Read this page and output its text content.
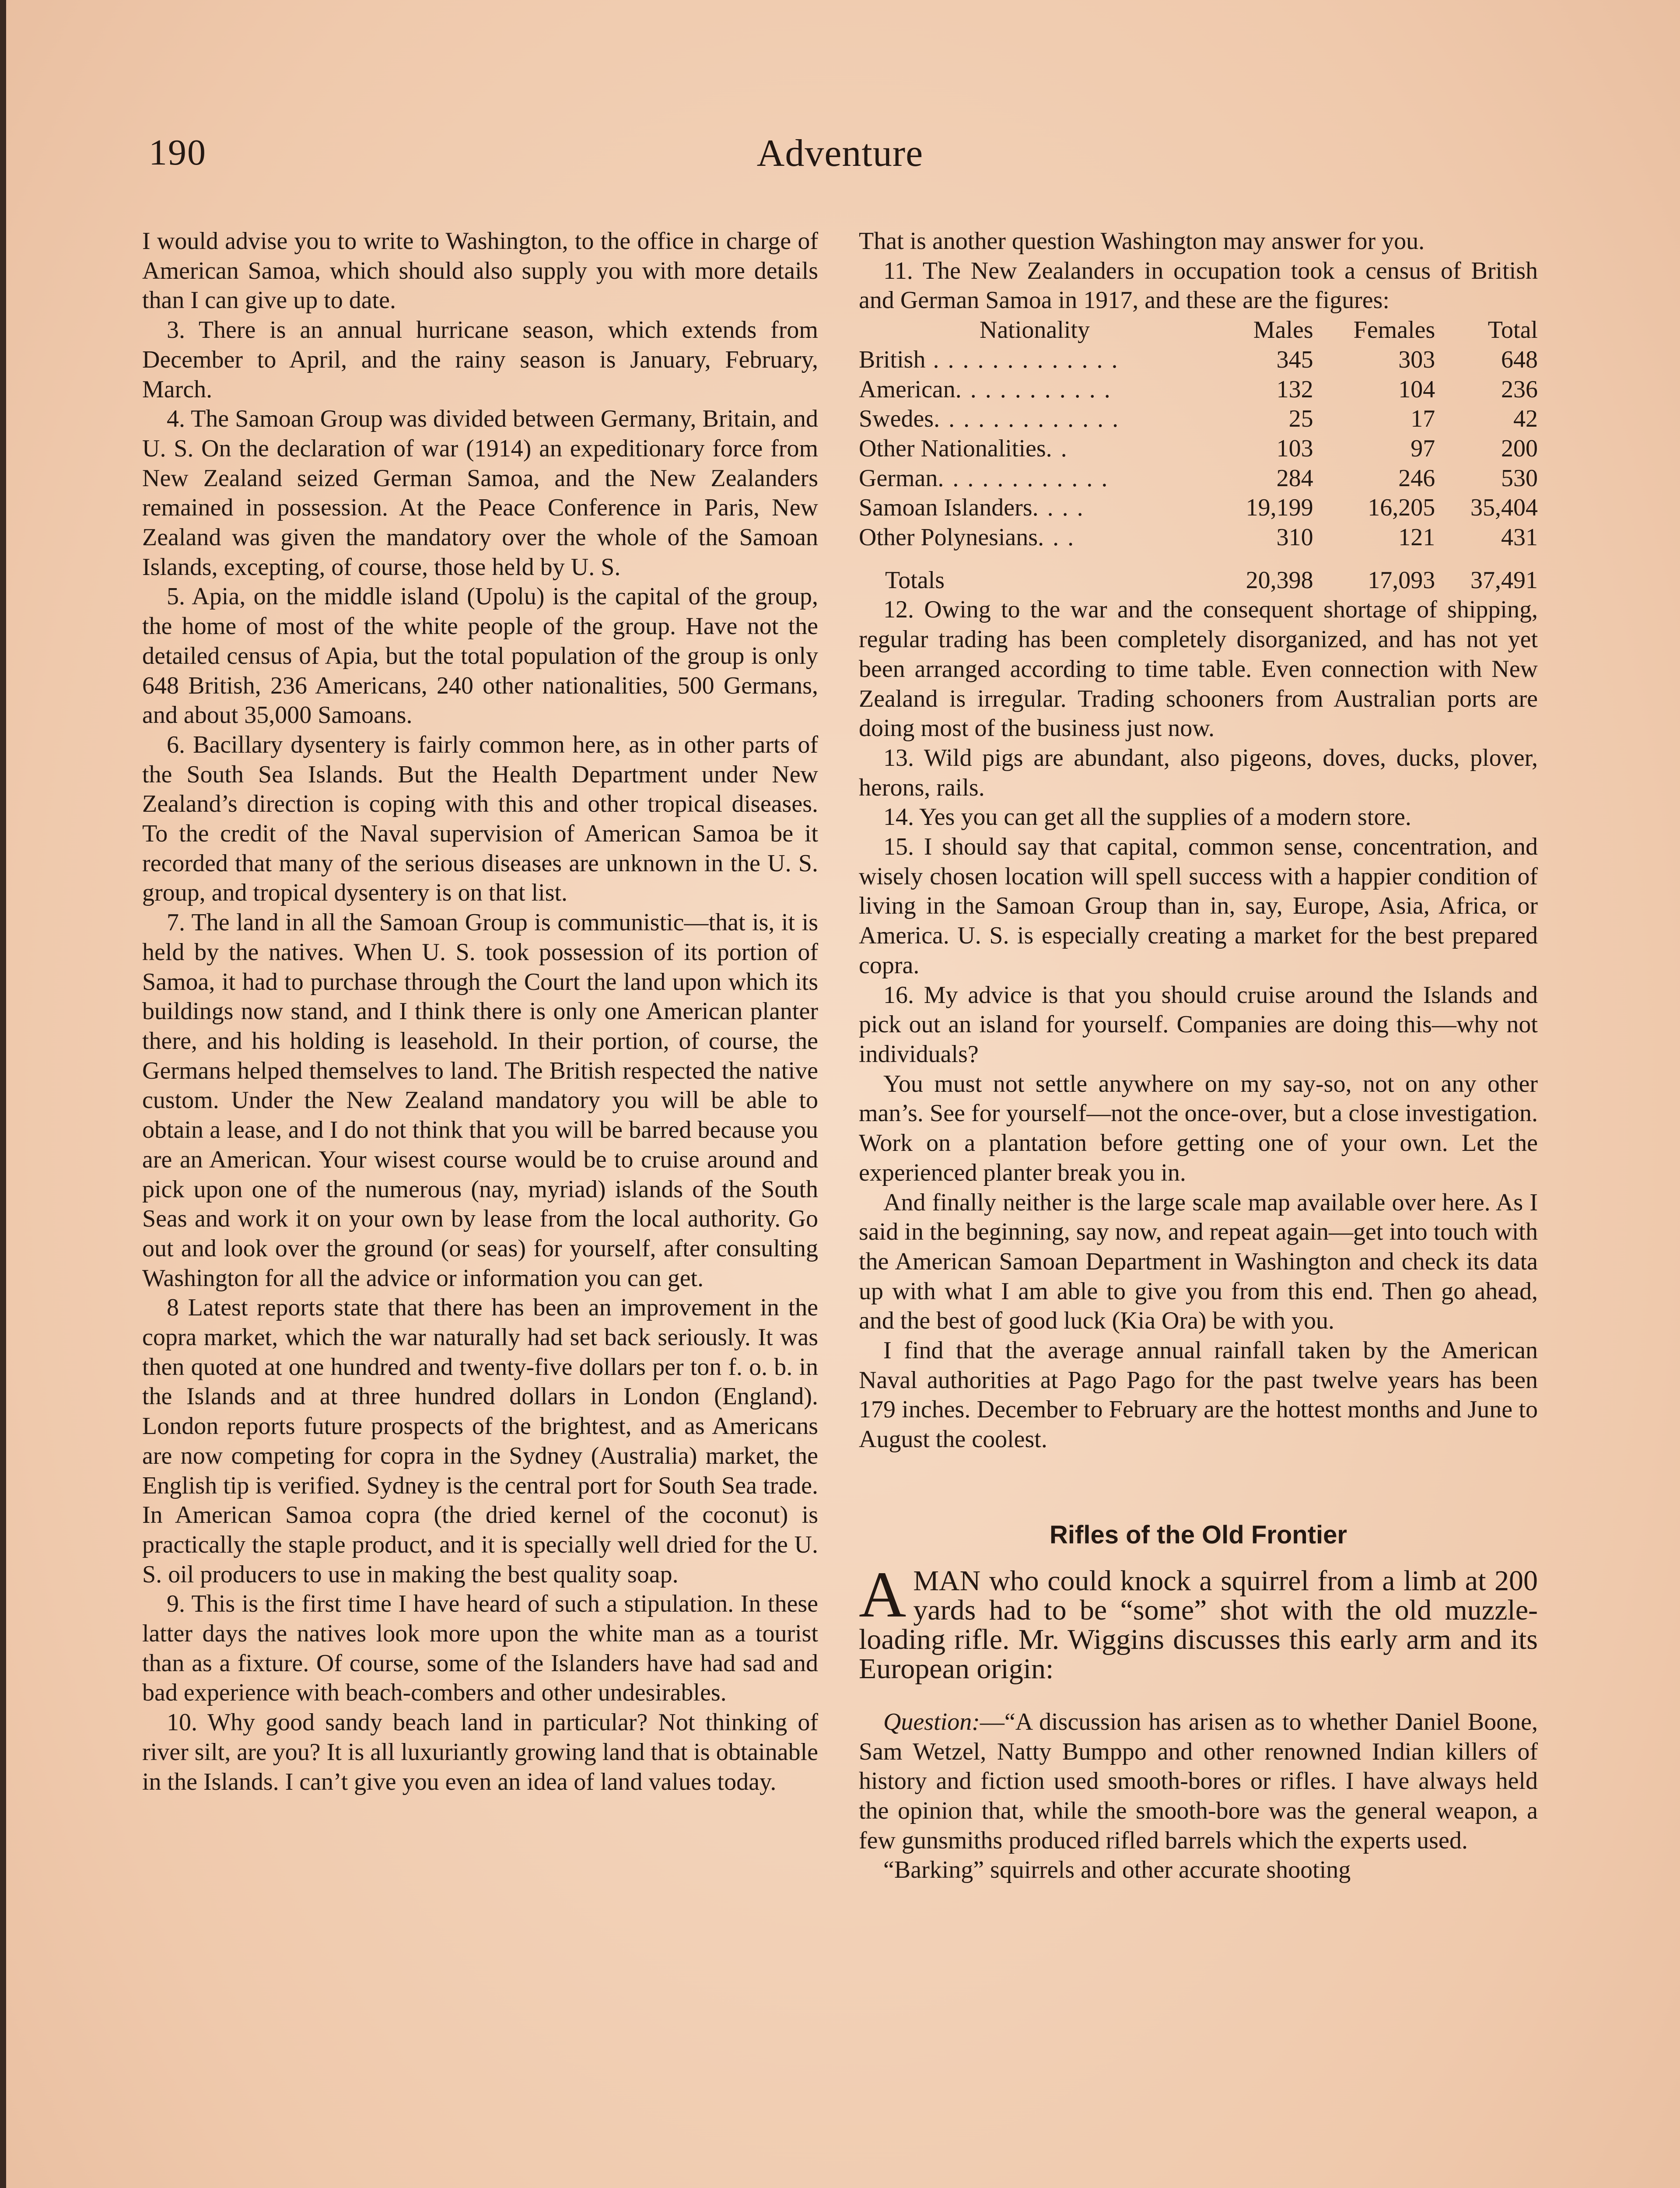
190	Adventure

I would advise you to write to Washington, to the office in charge of American Samoa, which should also supply you with more details than I can give up to date.

3. There is an annual hurricane season, which extends from December to April, and the rainy season is January, February, March.

4. The Samoan Group was divided between Germany, Britain, and U. S. On the declaration of war (1914) an expeditionary force from New Zealand seized German Samoa, and the New Zealanders remained in possession. At the Peace Conference in Paris, New Zealand was given the mandatory over the whole of the Samoan Islands, excepting, of course, those held by U. S.

5. Apia, on the middle island (Upolu) is the capital of the group, the home of most of the white people of the group. Have not the detailed census of Apia, but the total population of the group is only 648 British, 236 Americans, 240 other nationalities, 500 Germans, and about 35,000 Samoans.

6. Bacillary dysentery is fairly common here, as in other parts of the South Sea Islands. But the Health Department under New Zealand’s direction is coping with this and other tropical diseases. To the credit of the Naval supervision of American Samoa be it recorded that many of the serious diseases are unknown in the U. S. group, and tropical dysentery is on that list.

7. The land in all the Samoan Group is communistic—that is, it is held by the natives. When U. S. took possession of its portion of Samoa, it had to purchase through the Court the land upon which its buildings now stand, and I think there is only one American planter there, and his holding is leasehold. In their portion, of course, the Germans helped themselves to land. The British respected the native custom. Under the New Zealand mandatory you will be able to obtain a lease, and I do not think that you will be barred because you are an American. Your wisest course would be to cruise around and pick upon one of the numerous (nay, myriad) islands of the South Seas and work it on your own by lease from the local authority. Go out and look over the ground (or seas) for yourself, after consulting Washington for all the advice or information you can get.

8 Latest reports state that there has been an improvement in the copra market, which the war naturally had set back seriously. It was then quoted at one hundred and twenty-five dollars per ton f. o. b. in the Islands and at three hundred dollars in London (England). London reports future prospects of the brightest, and as Americans are now competing for copra in the Sydney (Australia) market, the English tip is verified. Sydney is the central port for South Sea trade. In American Samoa copra (the dried kernel of the coconut) is practically the staple product, and it is specially well dried for the U. S. oil producers to use in making the best quality soap.

9. This is the first time I have heard of such a stipulation. In these latter days the natives look more upon the white man as a tourist than as a fixture. Of course, some of the Islanders have had sad and bad experience with beach-combers and other undesirables.

10. Why good sandy beach land in particular? Not thinking of river silt, are you? It is all luxuriantly growing land that is obtainable in the Islands. I can’t give you even an idea of land values today.

That is another question Washington may answer for you.

11. The New Zealanders in occupation took a census of British and German Samoa in 1917, and these are the figures:

Nationality	Males	Females	Total
British . . . . . . . . . . . . .	345	303	648
American. . . . . . . . . . .	132	104	236
Swedes. . . . . . . . . . . . .	25	17	42
Other Nationalities. .	103	97	200
German. . . . . . . . . . . .	284	246	530
Samoan Islanders. . . .	19,199	16,205	35,404
Other Polynesians. . .	310	121	431
Totals	20,398	17,093	37,491

12. Owing to the war and the consequent shortage of shipping, regular trading has been completely disorganized, and has not yet been arranged according to time table. Even connection with New Zealand is irregular. Trading schooners from Australian ports are doing most of the business just now.

13. Wild pigs are abundant, also pigeons, doves, ducks, plover, herons, rails.

14. Yes you can get all the supplies of a modern store.

15. I should say that capital, common sense, concentration, and wisely chosen location will spell success with a happier condition of living in the Samoan Group than in, say, Europe, Asia, Africa, or America. U. S. is especially creating a market for the best prepared copra.

16. My advice is that you should cruise around the Islands and pick out an island for yourself. Companies are doing this—why not individuals?

You must not settle anywhere on my say-so, not on any other man’s. See for yourself—not the once-over, but a close investigation. Work on a plantation before getting one of your own. Let the experienced planter break you in.

And finally neither is the large scale map available over here. As I said in the beginning, say now, and repeat again—get into touch with the American Samoan Department in Washington and check its data up with what I am able to give you from this end. Then go ahead, and the best of good luck (Kia Ora) be with you.

I find that the average annual rainfall taken by the American Naval authorities at Pago Pago for the past twelve years has been 179 inches. December to February are the hottest months and June to August the coolest.

Rifles of the Old Frontier
AMAN who could knock a squirrel from a limb at 200 yards had to be “some” shot with the old muzzle-loading rifle. Mr. Wiggins discusses this early arm and its European origin:

Question:—“A discussion has arisen as to whether Daniel Boone, Sam Wetzel, Natty Bumppo and other renowned Indian killers of history and fiction used smooth-bores or rifles. I have always held the opinion that, while the smooth-bore was the general weapon, a few gunsmiths produced rifled barrels which the experts used.

“Barking” squirrels and other accurate shooting
